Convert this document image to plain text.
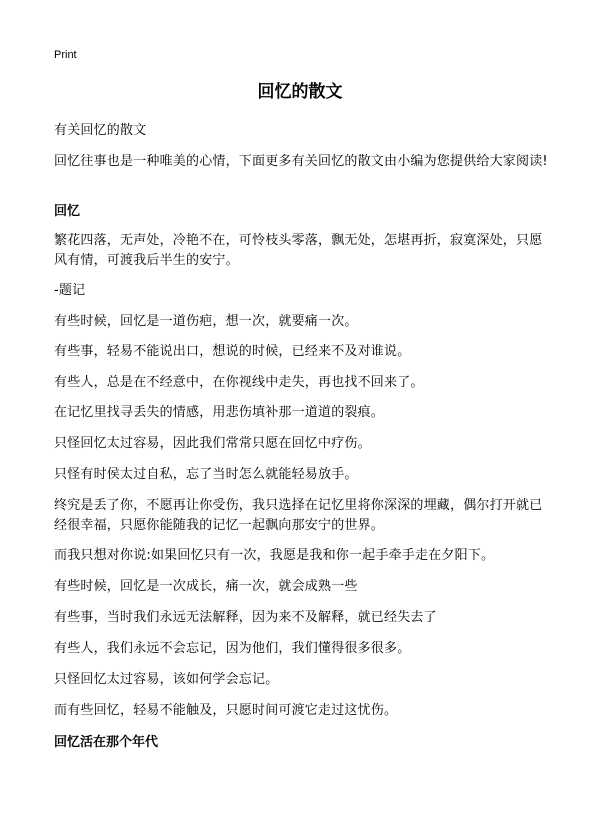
Print
回忆的散文

有关回忆的散文

回忆往事也是一种唯美的心情，下面更多有关回忆的散文由小编为您提供给大家阅读!

回忆

繁花四落，无声处，冷艳不在，可怜枝头零落，飘无处，怎堪再折，寂寞深处，只愿风有情，可渡我后半生的安宁。

-题记

有些时候，回忆是一道伤疤，想一次，就要痛一次。

有些事，轻易不能说出口，想说的时候，已经来不及对谁说。

有些人，总是在不经意中，在你视线中走失，再也找不回来了。

在记忆里找寻丢失的情感，用悲伤填补那一道道的裂痕。

只怪回忆太过容易，因此我们常常只愿在回忆中疗伤。

只怪有时侯太过自私，忘了当时怎么就能轻易放手。

终究是丢了你，不愿再让你受伤，我只选择在记忆里将你深深的埋藏，偶尔打开就已经很幸福，只愿你能随我的记忆一起飘向那安宁的世界。

而我只想对你说:如果回忆只有一次，我愿是我和你一起手牵手走在夕阳下。

有些时候，回忆是一次成长，痛一次，就会成熟一些

有些事，当时我们永远无法解释，因为来不及解释，就已经失去了

有些人，我们永远不会忘记，因为他们，我们懂得很多很多。

只怪回忆太过容易，该如何学会忘记。

而有些回忆，轻易不能触及，只愿时间可渡它走过这忧伤。

回忆活在那个年代
